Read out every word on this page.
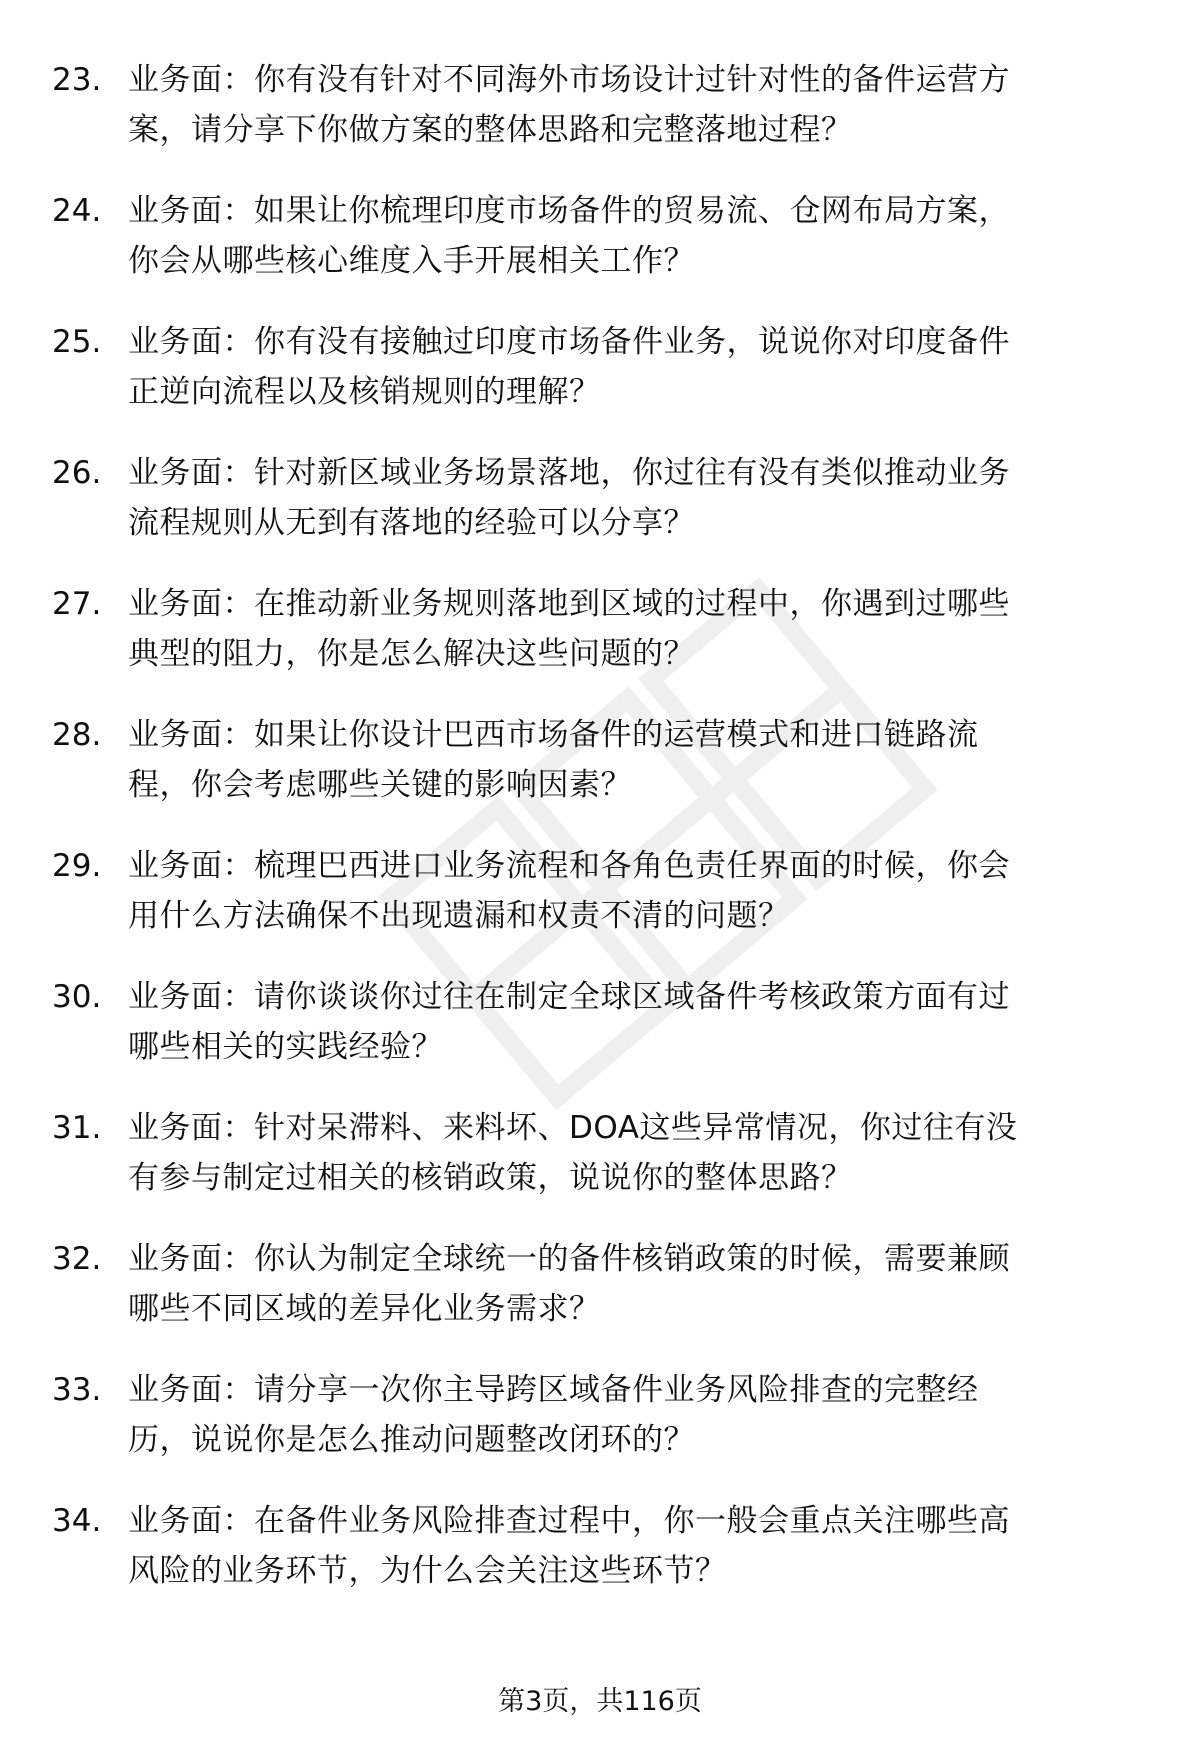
23. 业务面：你有没有针对不同海外市场设计过针对性的备件运营方
案，请分享下你做方案的整体思路和完整落地过程？
24. 业务面：如果让你梳理印度市场备件的贸易流、仓网布局方案，
你会从哪些核心维度入手开展相关工作？
25. 业务面：你有没有接触过印度市场备件业务，说说你对印度备件
正逆向流程以及核销规则的理解？
26. 业务面：针对新区域业务场景落地，你过往有没有类似推动业务
流程规则从无到有落地的经验可以分享？
27. 业务面：在推动新业务规则落地到区域的过程中，你遇到过哪些
典型的阻力，你是怎么解决这些问题的？
28. 业务面：如果让你设计巴西市场备件的运营模式和进口链路流
程，你会考虑哪些关键的影响因素？
29. 业务面：梳理巴西进口业务流程和各角色责任界面的时候，你会
用什么方法确保不出现遗漏和权责不清的问题？
30. 业务面：请你谈谈你过往在制定全球区域备件考核政策方面有过
哪些相关的实践经验？
31. 业务面：针对呆滞料、来料坏、DOA这些异常情况，你过往有没
有参与制定过相关的核销政策，说说你的整体思路？
32. 业务面：你认为制定全球统一的备件核销政策的时候，需要兼顾
哪些不同区域的差异化业务需求？
33. 业务面：请分享一次你主导跨区域备件业务风险排查的完整经
历，说说你是怎么推动问题整改闭环的？
34. 业务面：在备件业务风险排查过程中，你一般会重点关注哪些高
风险的业务环节，为什么会关注这些环节？
第3页，共116页
